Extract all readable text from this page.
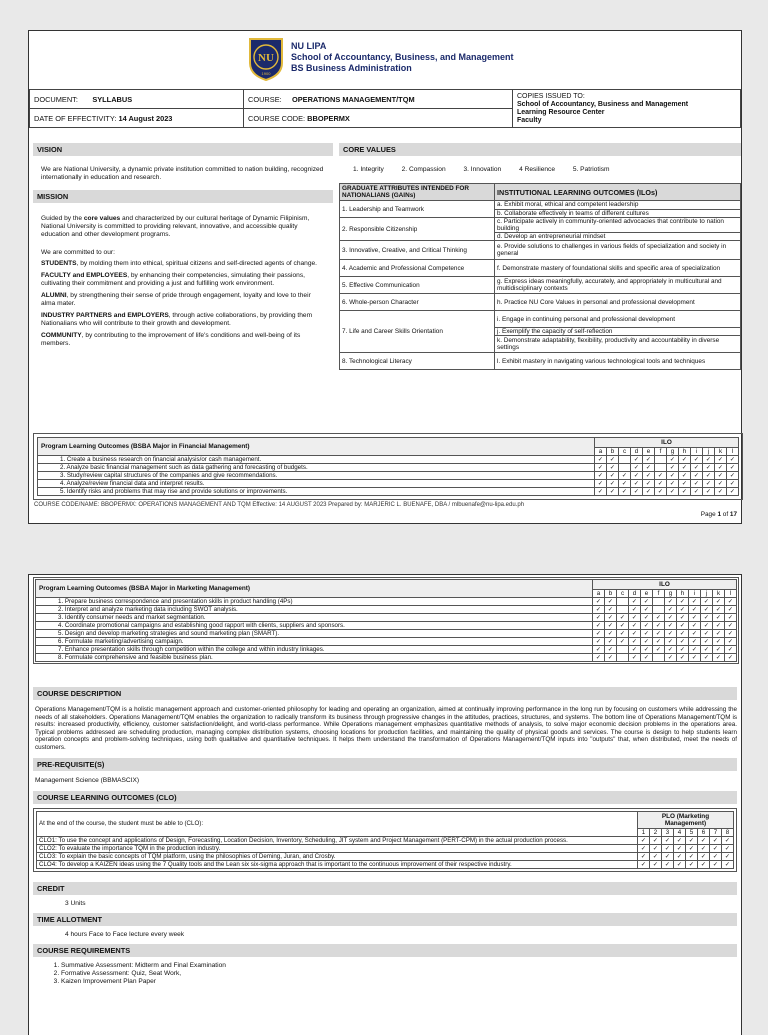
NU
1900
NU LIPA
School of Accountancy, Business, and Management
BS Business Administration
DOCUMENT: SYLLABUS	COURSE: OPERATIONS MANAGEMENT/TQM	COPIES ISSUED TO:
School of Accountancy, Business and Management
Learning Resource Center
Faculty
DATE OF EFFECTIVITY: 14 August 2023	COURSE CODE: BBOPERMX	
VISION
We are National University, a dynamic private institution committed to nation building, recognized internationally in education and research.
MISSION
Guided by the core values and characterized by our cultural heritage of Dynamic Filipinism, National University is committed to providing relevant, innovative, and accessible quality education and other development programs.
We are committed to our:
STUDENTS, by molding them into ethical, spiritual citizens and self-directed agents of change.
FACULTY and EMPLOYEES, by enhancing their competencies, simulating their passions, cultivating their commitment and providing a just and fulfilling work environment.
ALUMNI, by strengthening their sense of pride through engagement, loyalty and love to their alma mater.
INDUSTRY PARTNERS and EMPLOYERS, through active collaborations, by providing them Nationalians who will contribute to their growth and development.
COMMUNITY, by contributing to the improvement of life's conditions and well-being of its members.
CORE VALUES
1. Integrity	2. Compassion	3. Innovation	4 Resilience	5. Patriotism
GRADUATE ATTRIBUTES INTENDED FOR NATIONALIANS (GAINs)	INSTITUTIONAL LEARNING OUTCOMES (ILOs)
1. Leadership and Teamwork	a. Exhibit moral, ethical and competent leadership
	b. Collaborate effectively in teams of different cultures
2. Responsible Citizenship	c. Participate actively in community-oriented advocacies that contribute to nation building
	d. Develop an entrepreneurial mindset
3. Innovative, Creative, and Critical Thinking	e. Provide solutions to challenges in various fields of specialization and society in general
4. Academic and Professional Competence	f. Demonstrate mastery of foundational skills and specific area of specialization
5. Effective Communication	g. Express ideas meaningfully, accurately, and appropriately in multicultural and multidisciplinary contexts
6. Whole-person Character	h. Practice NU Core Values in personal and professional development
7. Life and Career Skills Orientation	i. Engage in continuing personal and professional development
	j. Exemplify the capacity of self-reflection
	k. Demonstrate adaptability, flexibility, productivity and accountability in diverse settings
8. Technological Literacy	l. Exhibit mastery in navigating various technological tools and techniques
Program Learning Outcomes (BSBA Major in Financial Management)	ILO											
	a	b	c	d	e	f	g	h	i	j	k	l
1. Create a business research on financial analysis/or cash management.	✓	✓		✓	✓		✓	✓	✓	✓	✓	✓
2. Analyze basic financial management such as data gathering and forecasting of budgets.	✓	✓		✓	✓		✓	✓	✓	✓	✓	✓
3. Study/review capital structures of the companies and give recommendations.	✓	✓	✓	✓	✓	✓	✓	✓	✓	✓	✓	✓
4. Analyze/review financial data and interpret results.	✓	✓	✓	✓	✓	✓	✓	✓	✓	✓	✓	✓
5. Identify risks and problems that may rise and provide solutions or improvements.	✓	✓	✓	✓	✓	✓	✓	✓	✓	✓	✓	✓
COURSE CODE/NAME: BBOPERMX: OPERATIONS MANAGEMENT AND TQM Effective: 14 AUGUST 2023 Prepared by: MARJERIC L. BUENAFE, DBA / mlbuenafe@nu-lipa.edu.ph
Page 1 of 17
Program Learning Outcomes (BSBA Major in Marketing Management)	ILO											
	a	b	c	d	e	f	g	h	i	j	k	l
1. Prepare business correspondence and presentation skills in product handling (4Ps)	✓	✓		✓	✓		✓	✓	✓	✓	✓	✓
2. Interpret and analyze marketing data including SWOT analysis.	✓	✓		✓	✓		✓	✓	✓	✓	✓	✓
3. Identify consumer needs and market segmentation.	✓	✓	✓	✓	✓	✓	✓	✓	✓	✓	✓	✓
4. Coordinate promotional campaigns and establishing good rapport with clients, suppliers and sponsors.	✓	✓	✓	✓	✓	✓	✓	✓	✓	✓	✓	✓
5. Design and develop marketing strategies and sound marketing plan (SMART).	✓	✓	✓	✓	✓	✓	✓	✓	✓	✓	✓	✓
6. Formulate marketing/advertising campaign.	✓	✓	✓	✓	✓	✓	✓	✓	✓	✓	✓	✓
7. Enhance presentation skills through competition within the college and within industry linkages.	✓	✓		✓	✓	✓	✓	✓	✓	✓	✓	✓
8. Formulate comprehensive and feasible business plan.	✓	✓		✓	✓		✓	✓	✓	✓	✓	✓
COURSE DESCRIPTION
Operations Management/TQM is a holistic management approach and customer-oriented philosophy for leading and operating an organization, aimed at continually improving performance in the long run by focusing on customers while addressing the needs of all stakeholders. Operations Management/TQM enables the organization to radically transform its business through progressive changes in the attitudes, practices, structures, and systems. The bottom line of Operations Management/TQM is results: increased productivity, efficiency, customer satisfaction/delight, and world-class performance. While Operations management emphasizes quantitative methods of analysis, to solve major economic decision problems in the operations area. Typical problems addressed are scheduling production, managing complex distribution systems, choosing locations for production facilities, and maintaining the quality of physical goods and services. The course is design to help students learn operation concepts and problem-solving techniques, using both qualitative and quantitative techniques. It helps them understand the transformation of Operations Management/TQM inputs into "outputs" that, when distributed, meet the needs of customers.
PRE-REQUISITE(S)
Management Science (BBMASCIX)
COURSE LEARNING OUTCOMES (CLO)
At the end of the course, the student must be able to (CLO):	PLO (Marketing Management)							
	1	2	3	4	5	6	7	8
CLO1: To use the concept and applications of Design, Forecasting, Location Decision, Inventory, Scheduling, JIT system and Project Management (PERT-CPM) in the actual production process.	✓	✓	✓	✓	✓	✓	✓	✓
CLO2: To evaluate the importance TQM in the production industry.	✓	✓	✓	✓	✓	✓	✓	✓
CLO3: To explain the basic concepts of TQM platform, using the philosophies of Deming, Juran, and Crosby.	✓	✓	✓	✓	✓	✓	✓	✓
CLO4: To develop a KAIZEN ideas using the 7 Quality tools and the Lean six six-sigma approach that is important to the continuous improvement of their respective industry.	✓	✓	✓	✓	✓	✓	✓	✓
CREDIT
3 Units
TIME ALLOTMENT
4 hours Face to Face lecture every week
COURSE REQUIREMENTS
1. Summative Assessment: Midterm and Final Examination
2. Formative Assessment: Quiz, Seat Work,
3. Kaizen Improvement Plan Paper
